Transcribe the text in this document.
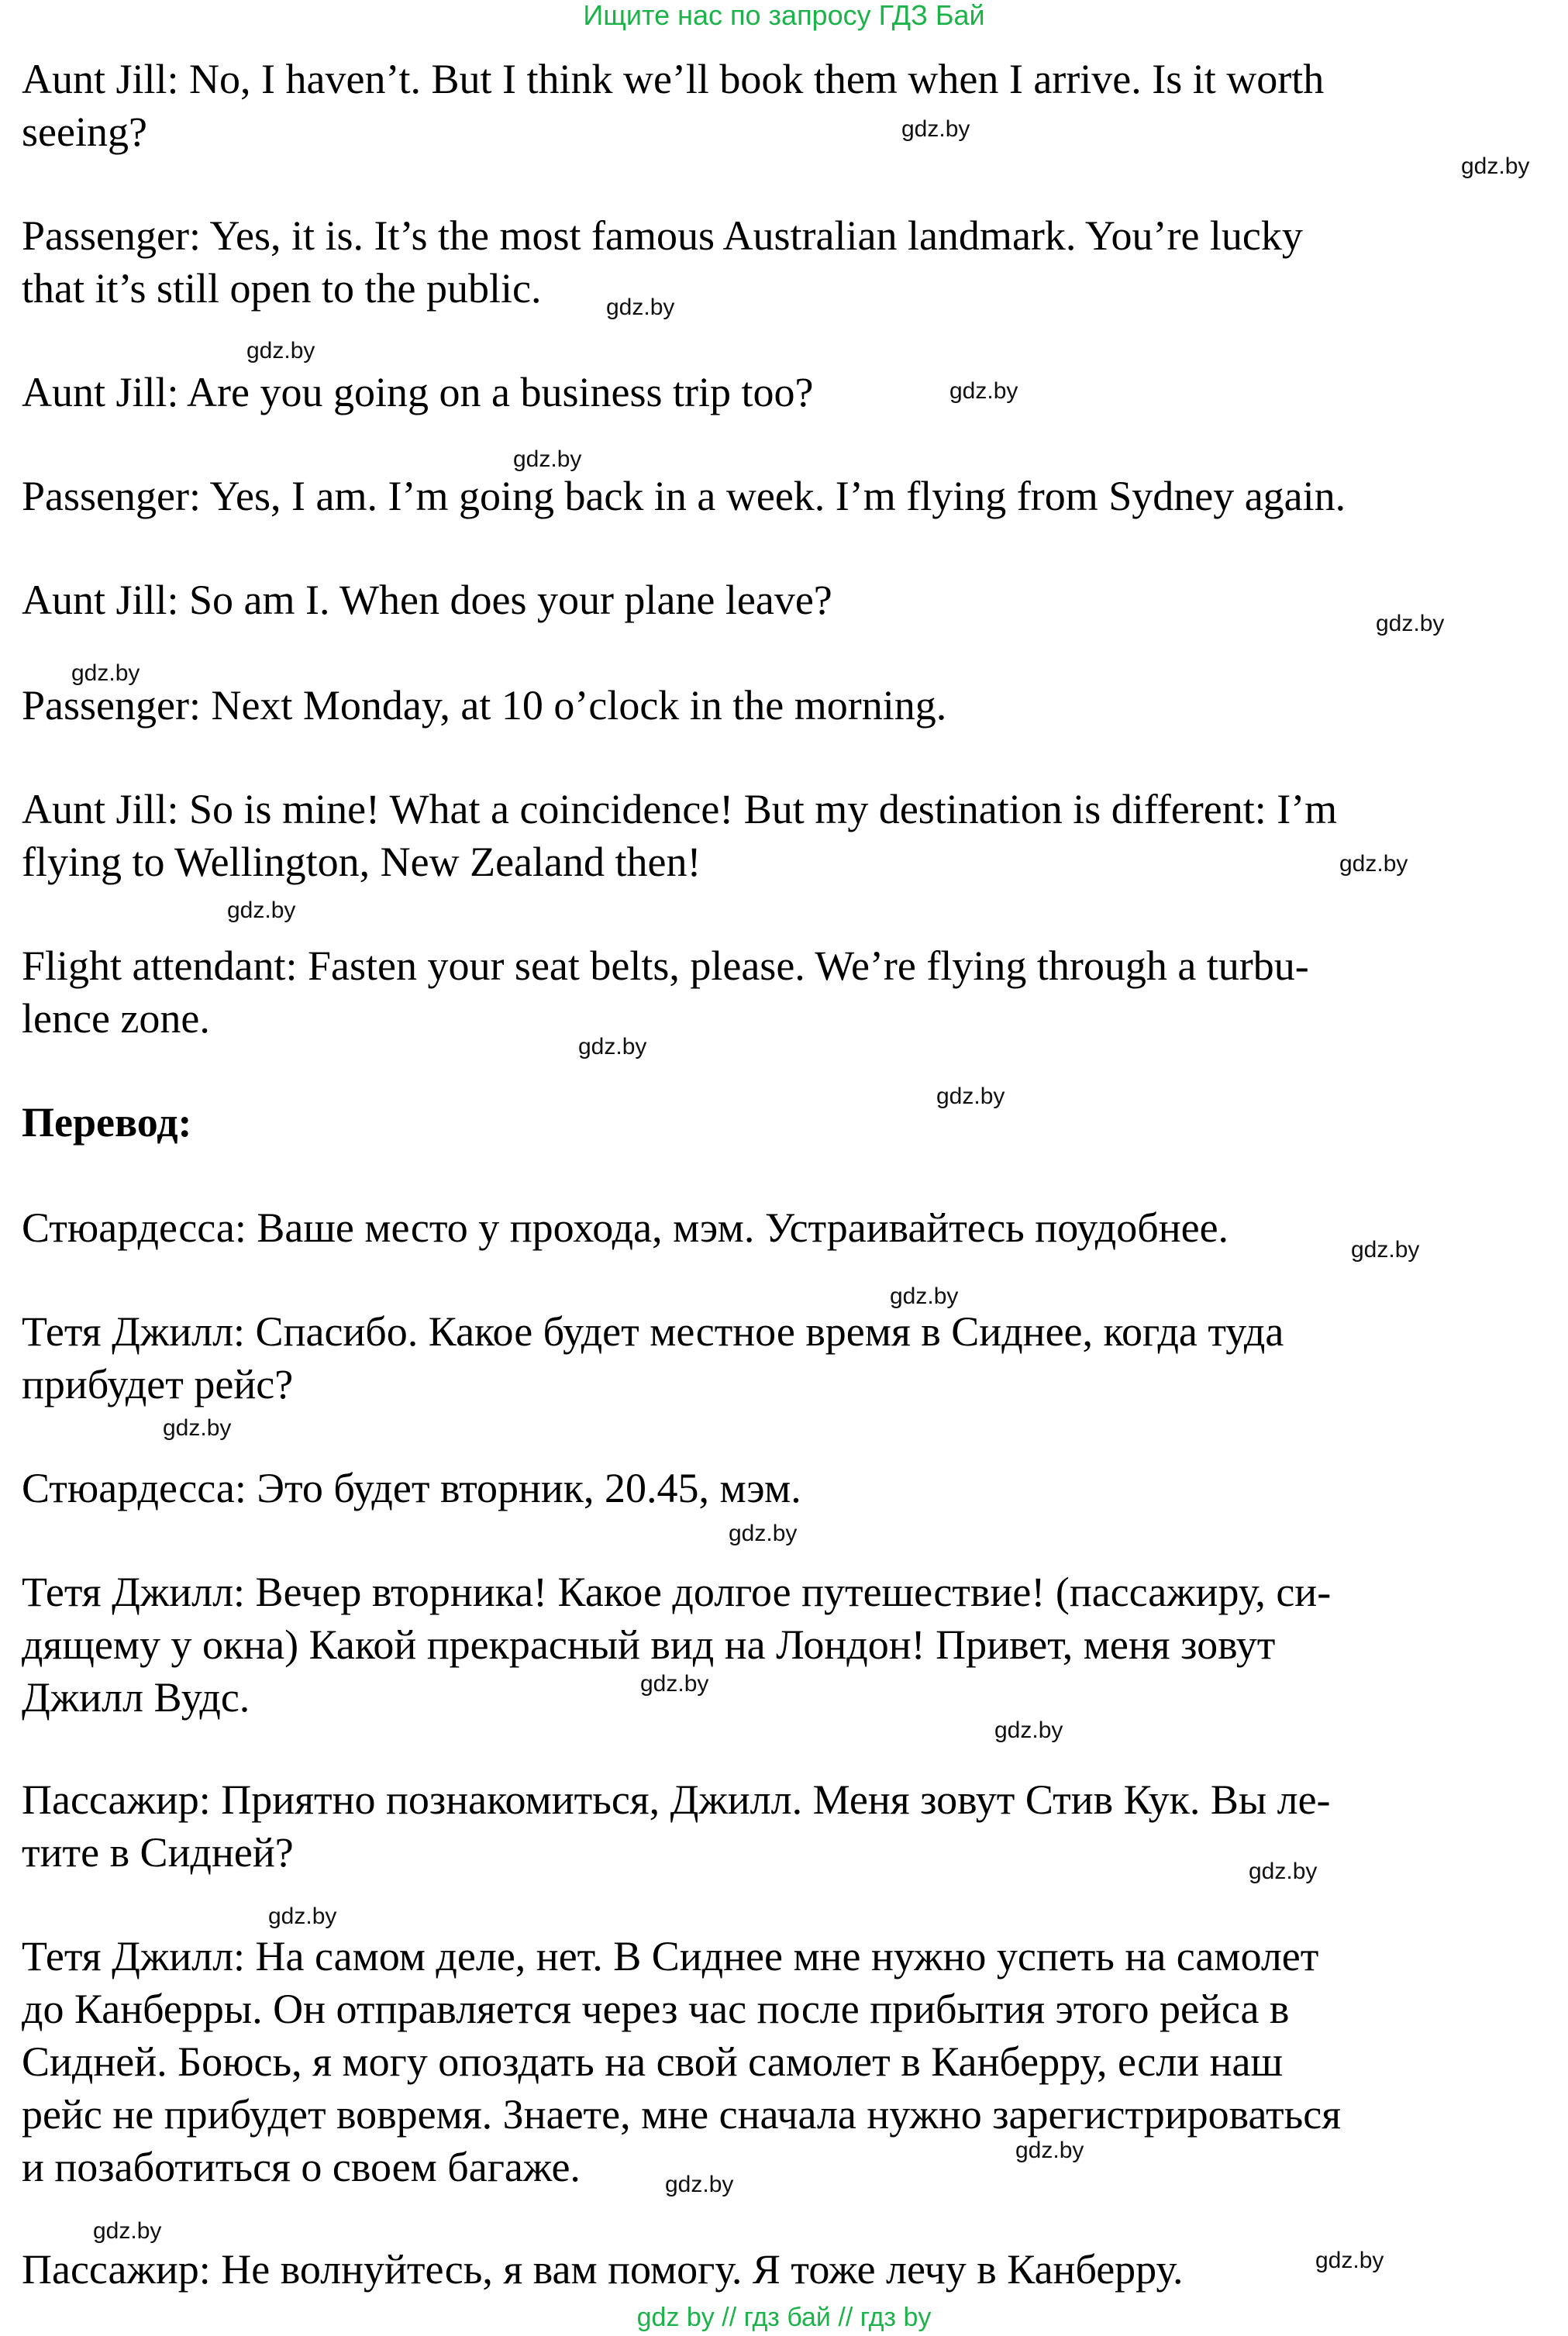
Ищите нас по запросу ГДЗ Бай
Aunt Jill: No, I haven’t. But I think we’ll book them when I arrive. Is it worth
seeing?
Passenger: Yes, it is. It’s the most famous Australian landmark. You’re lucky
that it’s still open to the public.
Aunt Jill: Are you going on a business trip too?
Passenger: Yes, I am. I’m going back in a week. I’m flying from Sydney again.
Aunt Jill: So am I. When does your plane leave?
Passenger: Next Monday, at 10 o’clock in the morning.
Aunt Jill: So is mine! What a coincidence! But my destination is different: I’m
flying to Wellington, New Zealand then!
Flight attendant: Fasten your seat belts, please. We’re flying through a turbu-
lence zone.
Перевод:
Стюардесса: Ваше место у прохода, мэм. Устраивайтесь поудобнее.
Тетя Джилл: Спасибо. Какое будет местное время в Сиднее, когда туда
прибудет рейс?
Стюардесса: Это будет вторник, 20.45, мэм.
Тетя Джилл: Вечер вторника! Какое долгое путешествие! (пассажиру, си-
дящему у окна) Какой прекрасный вид на Лондон! Привет, меня зовут
Джилл Вудс.
Пассажир: Приятно познакомиться, Джилл. Меня зовут Стив Кук. Вы ле-
тите в Сидней?
Тетя Джилл: На самом деле, нет. В Сиднее мне нужно успеть на самолет
до Канберры. Он отправляется через час после прибытия этого рейса в
Сидней. Боюсь, я могу опоздать на свой самолет в Канберру, если наш
рейс не прибудет вовремя. Знаете, мне сначала нужно зарегистрироваться
и позаботиться о своем багаже.
Пассажир: Не волнуйтесь, я вам помогу. Я тоже лечу в Канберру.
gdz.by
gdz.by
gdz.by
gdz.by
gdz.by
gdz.by
gdz.by
gdz.by
gdz.by
gdz.by
gdz.by
gdz.by
gdz.by
gdz.by
gdz.by
gdz.by
gdz.by
gdz.by
gdz.by
gdz.by
gdz.by
gdz.by
gdz.by
gdz.by
gdz by // гдз бай // гдз by
